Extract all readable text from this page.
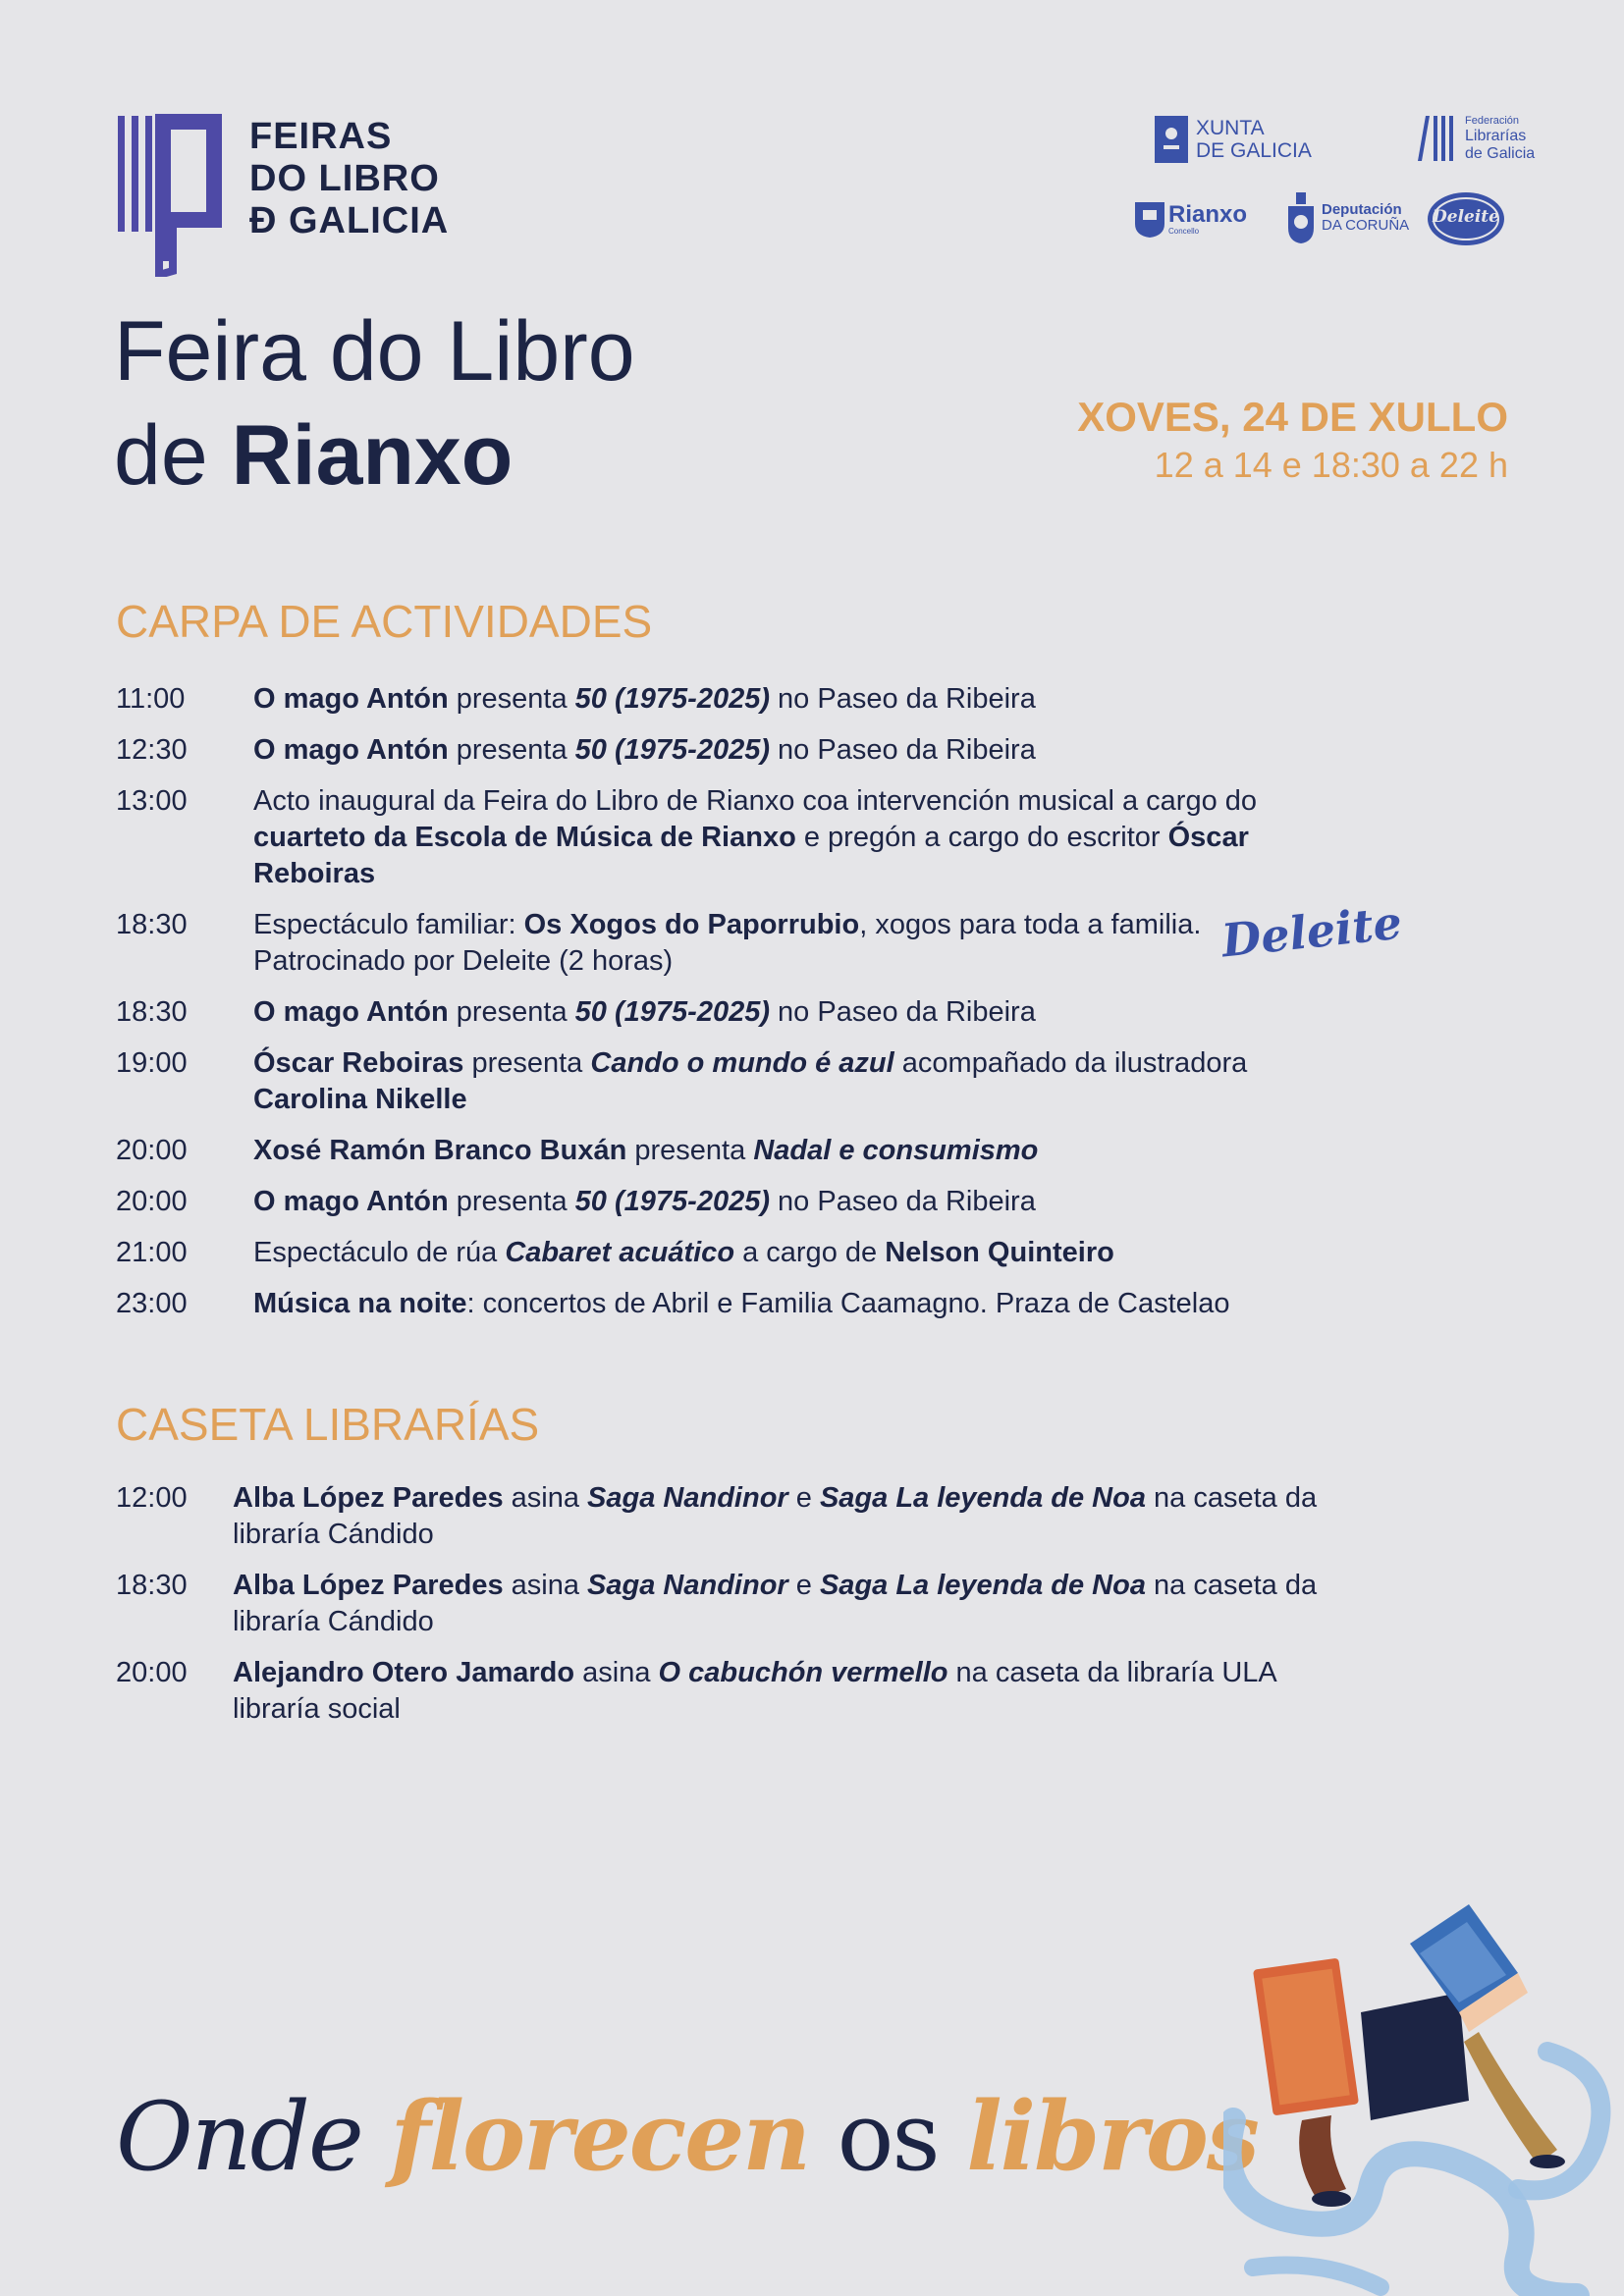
FEIRAS
DO LIBRO
Ð GALICIA
XUNTA
DE GALICIA
Federación
Librarías
de Galicia
Rianxo
Concello
Deputación
DA CORUÑA	Deleite
Feira do Libro
de Rianxo	XOVES, 24 DE XULLO
12 a 14 e 18:30 a 22 h
CARPA DE ACTIVIDADES
11:00	O mago Antón presenta 50 (1975-2025) no Paseo da Ribeira
12:30	O mago Antón presenta 50 (1975-2025) no Paseo da Ribeira
13:00	Acto inaugural da Feira do Libro de Rianxo coa intervención musical a cargo do cuarteto da Escola de Música de Rianxo e pregón a cargo do escritor Óscar Reboiras
18:30	Espectáculo familiar: Os Xogos do Paporrubio, xogos para toda a familia. Patrocinado por Deleite (2 horas)
18:30	O mago Antón presenta 50 (1975-2025) no Paseo da Ribeira
19:00	Óscar Reboiras presenta Cando o mundo é azul acompañado da ilustradora Carolina Nikelle
20:00	Xosé Ramón Branco Buxán presenta Nadal e consumismo
20:00	O mago Antón presenta 50 (1975-2025) no Paseo da Ribeira
21:00	Espectáculo de rúa Cabaret acuático a cargo de Nelson Quinteiro
23:00	Música na noite: concertos de Abril e Familia Caamagno. Praza de Castelao
Deleite
CASETA LIBRARÍAS
12:00	Alba López Paredes asina Saga Nandinor e Saga La leyenda de Noa na caseta da libraría Cándido
18:30	Alba López Paredes asina Saga Nandinor e Saga La leyenda de Noa na caseta da libraría Cándido
20:00	Alejandro Otero Jamardo asina O cabuchón vermello na caseta da libraría ULA libraría social
Onde florecen os libros
